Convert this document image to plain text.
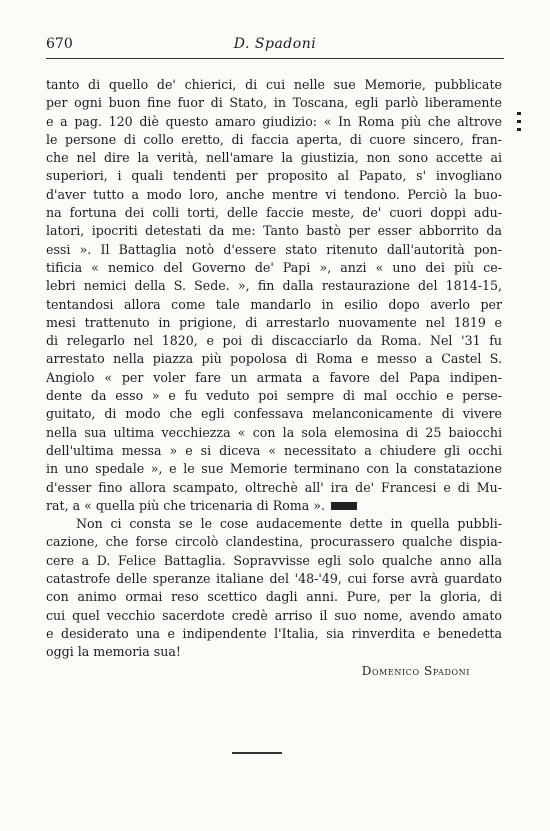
670	D. Spadoni
tanto di quello de' chierici, di cui nelle sue Memorie, pubblicate
per ogni buon fine fuor di Stato, in Toscana, egli parlò liberamente
e a pag. 120 diè questo amaro giudizio: « In Roma più che altrove
le persone di collo eretto, di faccia aperta, di cuore sincero, fran-
che nel dire la verità, nell'amare la giustizia, non sono accette ai
superiori, i quali tendenti per proposito al Papato, s' invogliano
d'aver tutto a modo loro, anche mentre vi tendono. Perciò la buo-
na fortuna dei colli torti, delle faccie meste, de' cuori doppi adu-
latori, ipocriti detestati da me: Tanto bastò per esser abborrito da
essi ». Il Battaglia notò d'essere stato ritenuto dall'autorità pon-
tificia « nemico del Governo de' Papi », anzi « uno dei più ce-
lebri nemici della S. Sede. », fin dalla restaurazione del 1814-15,
tentandosi allora come tale mandarlo in esilio dopo averlo per
mesi trattenuto in prigione, di arrestarlo nuovamente nel 1819 e
di relegarlo nel 1820, e poi di discacciarlo da Roma. Nel '31 fu
arrestato nella piazza più popolosa di Roma e messo a Castel S.
Angiolo « per voler fare un armata a favore del Papa indipen-
dente da esso » e fu veduto poi sempre di mal occhio e perse-
guitato, di modo che egli confessava melanconicamente di vivere
nella sua ultima vecchiezza « con la sola elemosina di 25 baiocchi
dell'ultima messa » e si diceva « necessitato a chiudere gli occhi
in uno spedale », e le sue Memorie terminano con la constatazione
d'esser fino allora scampato, oltrechè all' ira de' Francesi e di Mu-
rat, a « quella più che tricenaria di Roma ».
Non ci consta se le cose audacemente dette in quella pubbli-
cazione, che forse circolò clandestina, procurassero qualche dispia-
cere a D. Felice Battaglia. Sopravvisse egli solo qualche anno alla
catastrofe delle speranze italiane del '48-'49, cui forse avrà guardato
con animo ormai reso scettico dagli anni. Pure, per la gloria, di
cui quel vecchio sacerdote credè arriso il suo nome, avendo amato
e desiderato una e indipendente l'Italia, sia rinverdita e benedetta
oggi la memoria sua!
Domenico Spadoni
